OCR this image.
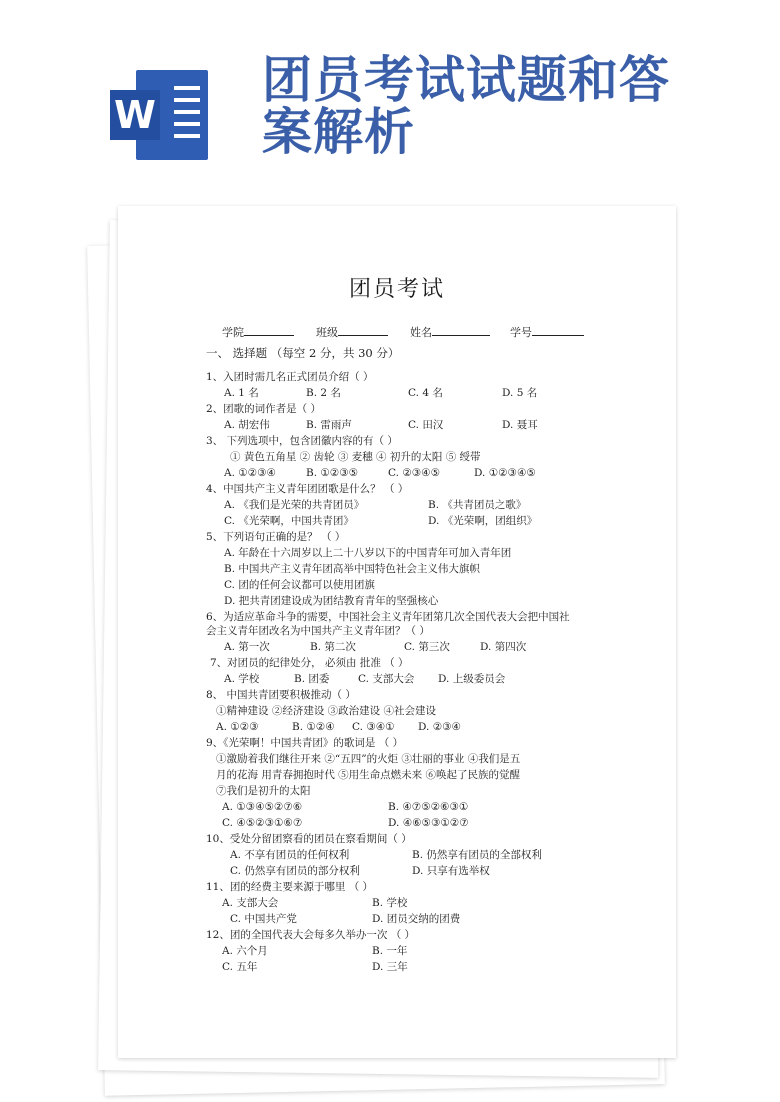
W
团员考试试题和答
案解析
团员考试
学院	班级	姓名	学号
一、 选择题 （每空 2 分，共 30 分）
1、入团时需几名正式团员介绍（ ）
A. 1 名	B. 2 名	C. 4 名	D. 5 名
2、团歌的词作者是（ ）
A. 胡宏伟	B. 雷雨声	C. 田汉	D. 聂耳
3、 下列选项中，包含团徽内容的有（ ）
① 黄色五角星 ② 齿轮 ③ 麦穗 ④ 初升的太阳 ⑤ 绶带
A. ①②③④	B. ①②③⑤	C. ②③④⑤	D. ①②③④⑤
4、中国共产主义青年团团歌是什么？ （ ）
A. 《我们是光荣的共青团员》	B. 《共青团员之歌》
C. 《光荣啊，中国共青团》	D. 《光荣啊，团组织》
5、下列语句正确的是？ （ ）
A. 年龄在十六周岁以上二十八岁以下的中国青年可加入青年团
B. 中国共产主义青年团高举中国特色社会主义伟大旗帜
C. 团的任何会议都可以使用团旗
D. 把共青团建设成为团结教育青年的坚强核心
6、为适应革命斗争的需要，中国社会主义青年团第几次全国代表大会把中国社
会主义青年团改名为中国共产主义青年团？（ ）
A. 第一次	B. 第二次	C. 第三次	D. 第四次
7、对团员的纪律处分， 必须由 批准 （ ）
A. 学校	B. 团委	C. 支部大会 D. 上级委员会
8、 中国共青团要积极推动（ ）
①精神建设 ②经济建设 ③政治建设 ④社会建设
A. ①②③	B. ①②④ C. ③④① D. ②③④
9、《光荣啊！中国共青团》的歌词是 （ ）
①激励着我们继往开来 ②“五四”的火炬 ③壮丽的事业 ④我们是五
月的花海 用青春拥抱时代 ⑤用生命点燃未来 ⑥唤起了民族的觉醒
⑦我们是初升的太阳
A. ①③④⑤②⑦⑥	B. ④⑦⑤②⑥③①
C. ④⑤②③①⑥⑦	D. ④⑥⑤③①②⑦
10、受处分留团察看的团员在察看期间（ ）
A. 不享有团员的任何权利	B. 仍然享有团员的全部权利
C. 仍然享有团员的部分权利	D. 只享有选举权
11、团的经费主要来源于哪里 （ ）
A. 支部大会	B. 学校
C. 中国共产党	D. 团员交纳的团费
12、团的全国代表大会每多久举办一次 （ ）
A. 六个月	B. 一年
C. 五年	D. 三年
